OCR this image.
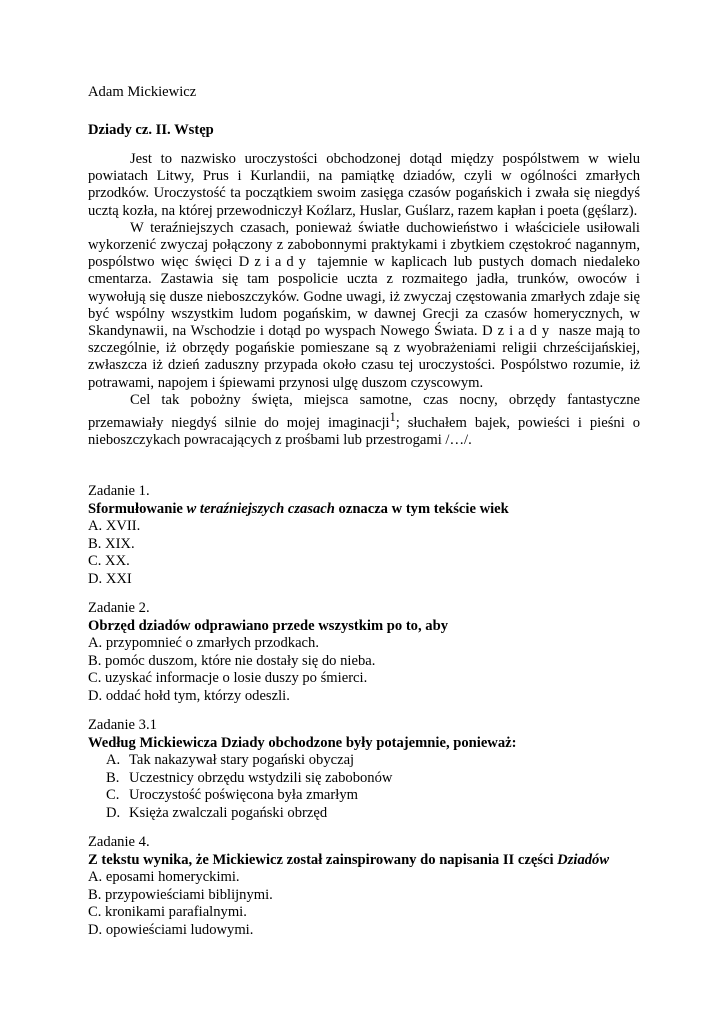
Adam Mickiewicz
Dziady cz. II. Wstęp

Jest to nazwisko uroczystości obchodzonej dotąd między pospólstwem w wielu powiatach Litwy, Prus i Kurlandii, na pamiątkę dziadów, czyli w ogólności zmarłych przodków. Uroczystość ta początkiem swoim zasięga czasów pogańskich i zwała się niegdyś ucztą kozła, na której przewodniczył Koźlarz, Huslar, Guślarz, razem kapłan i poeta (gęślarz).

W teraźniejszych czasach, ponieważ światłe duchowieństwo i właściciele usiłowali wykorzenić zwyczaj połączony z zabobonnymi praktykami i zbytkiem częstokroć nagannym, pospólstwo więc święci Dziady tajemnie w kaplicach lub pustych domach niedaleko cmentarza. Zastawia się tam pospolicie uczta z rozmaitego jadła, trunków, owoców i wywołują się dusze nieboszczyków. Godne uwagi, iż zwyczaj częstowania zmarłych zdaje się być wspólny wszystkim ludom pogańskim, w dawnej Grecji za czasów homerycznych, w Skandynawii, na Wschodzie i dotąd po wyspach Nowego Świata. Dziady nasze mają to szczególnie, iż obrzędy pogańskie pomieszane są z wyobrażeniami religii chrześcijańskiej, zwłaszcza iż dzień zaduszny przypada około czasu tej uroczystości. Pospólstwo rozumie, iż potrawami, napojem i śpiewami przynosi ulgę duszom czyscowym.

Cel tak pobożny święta, miejsca samotne, czas nocny, obrzędy fantastyczne przemawiały niegdyś silnie do mojej imaginacji$^1$; słuchałem bajek, powieści i pieśni o nieboszczykach powracających z prośbami lub przestrogami /…/.

Zadanie 1.
Sformułowanie w teraźniejszych czasach oznacza w tym tekście wiek
A. XVII.
B. XIX.
C. XX.
D. XXI
Zadanie 2.
Obrzęd dziadów odprawiano przede wszystkim po to, aby
A. przypomnieć o zmarłych przodkach.
B. pomóc duszom, które nie dostały się do nieba.
C. uzyskać informacje o losie duszy po śmierci.
D. oddać hołd tym, którzy odeszli.
Zadanie 3.1
Według Mickiewicza Dziady obchodzone były potajemnie, ponieważ:
A. Tak nakazywał stary pogański obyczaj
B. Uczestnicy obrzędu wstydzili się zabobonów
C. Uroczystość poświęcona była zmarłym
D. Księża zwalczali pogański obrzęd
Zadanie 4.
Z tekstu wynika, że Mickiewicz został zainspirowany do napisania II części Dziadów
A. eposami homeryckimi.
B. przypowieściami biblijnymi.
C. kronikami parafialnymi.
D. opowieściami ludowymi.
